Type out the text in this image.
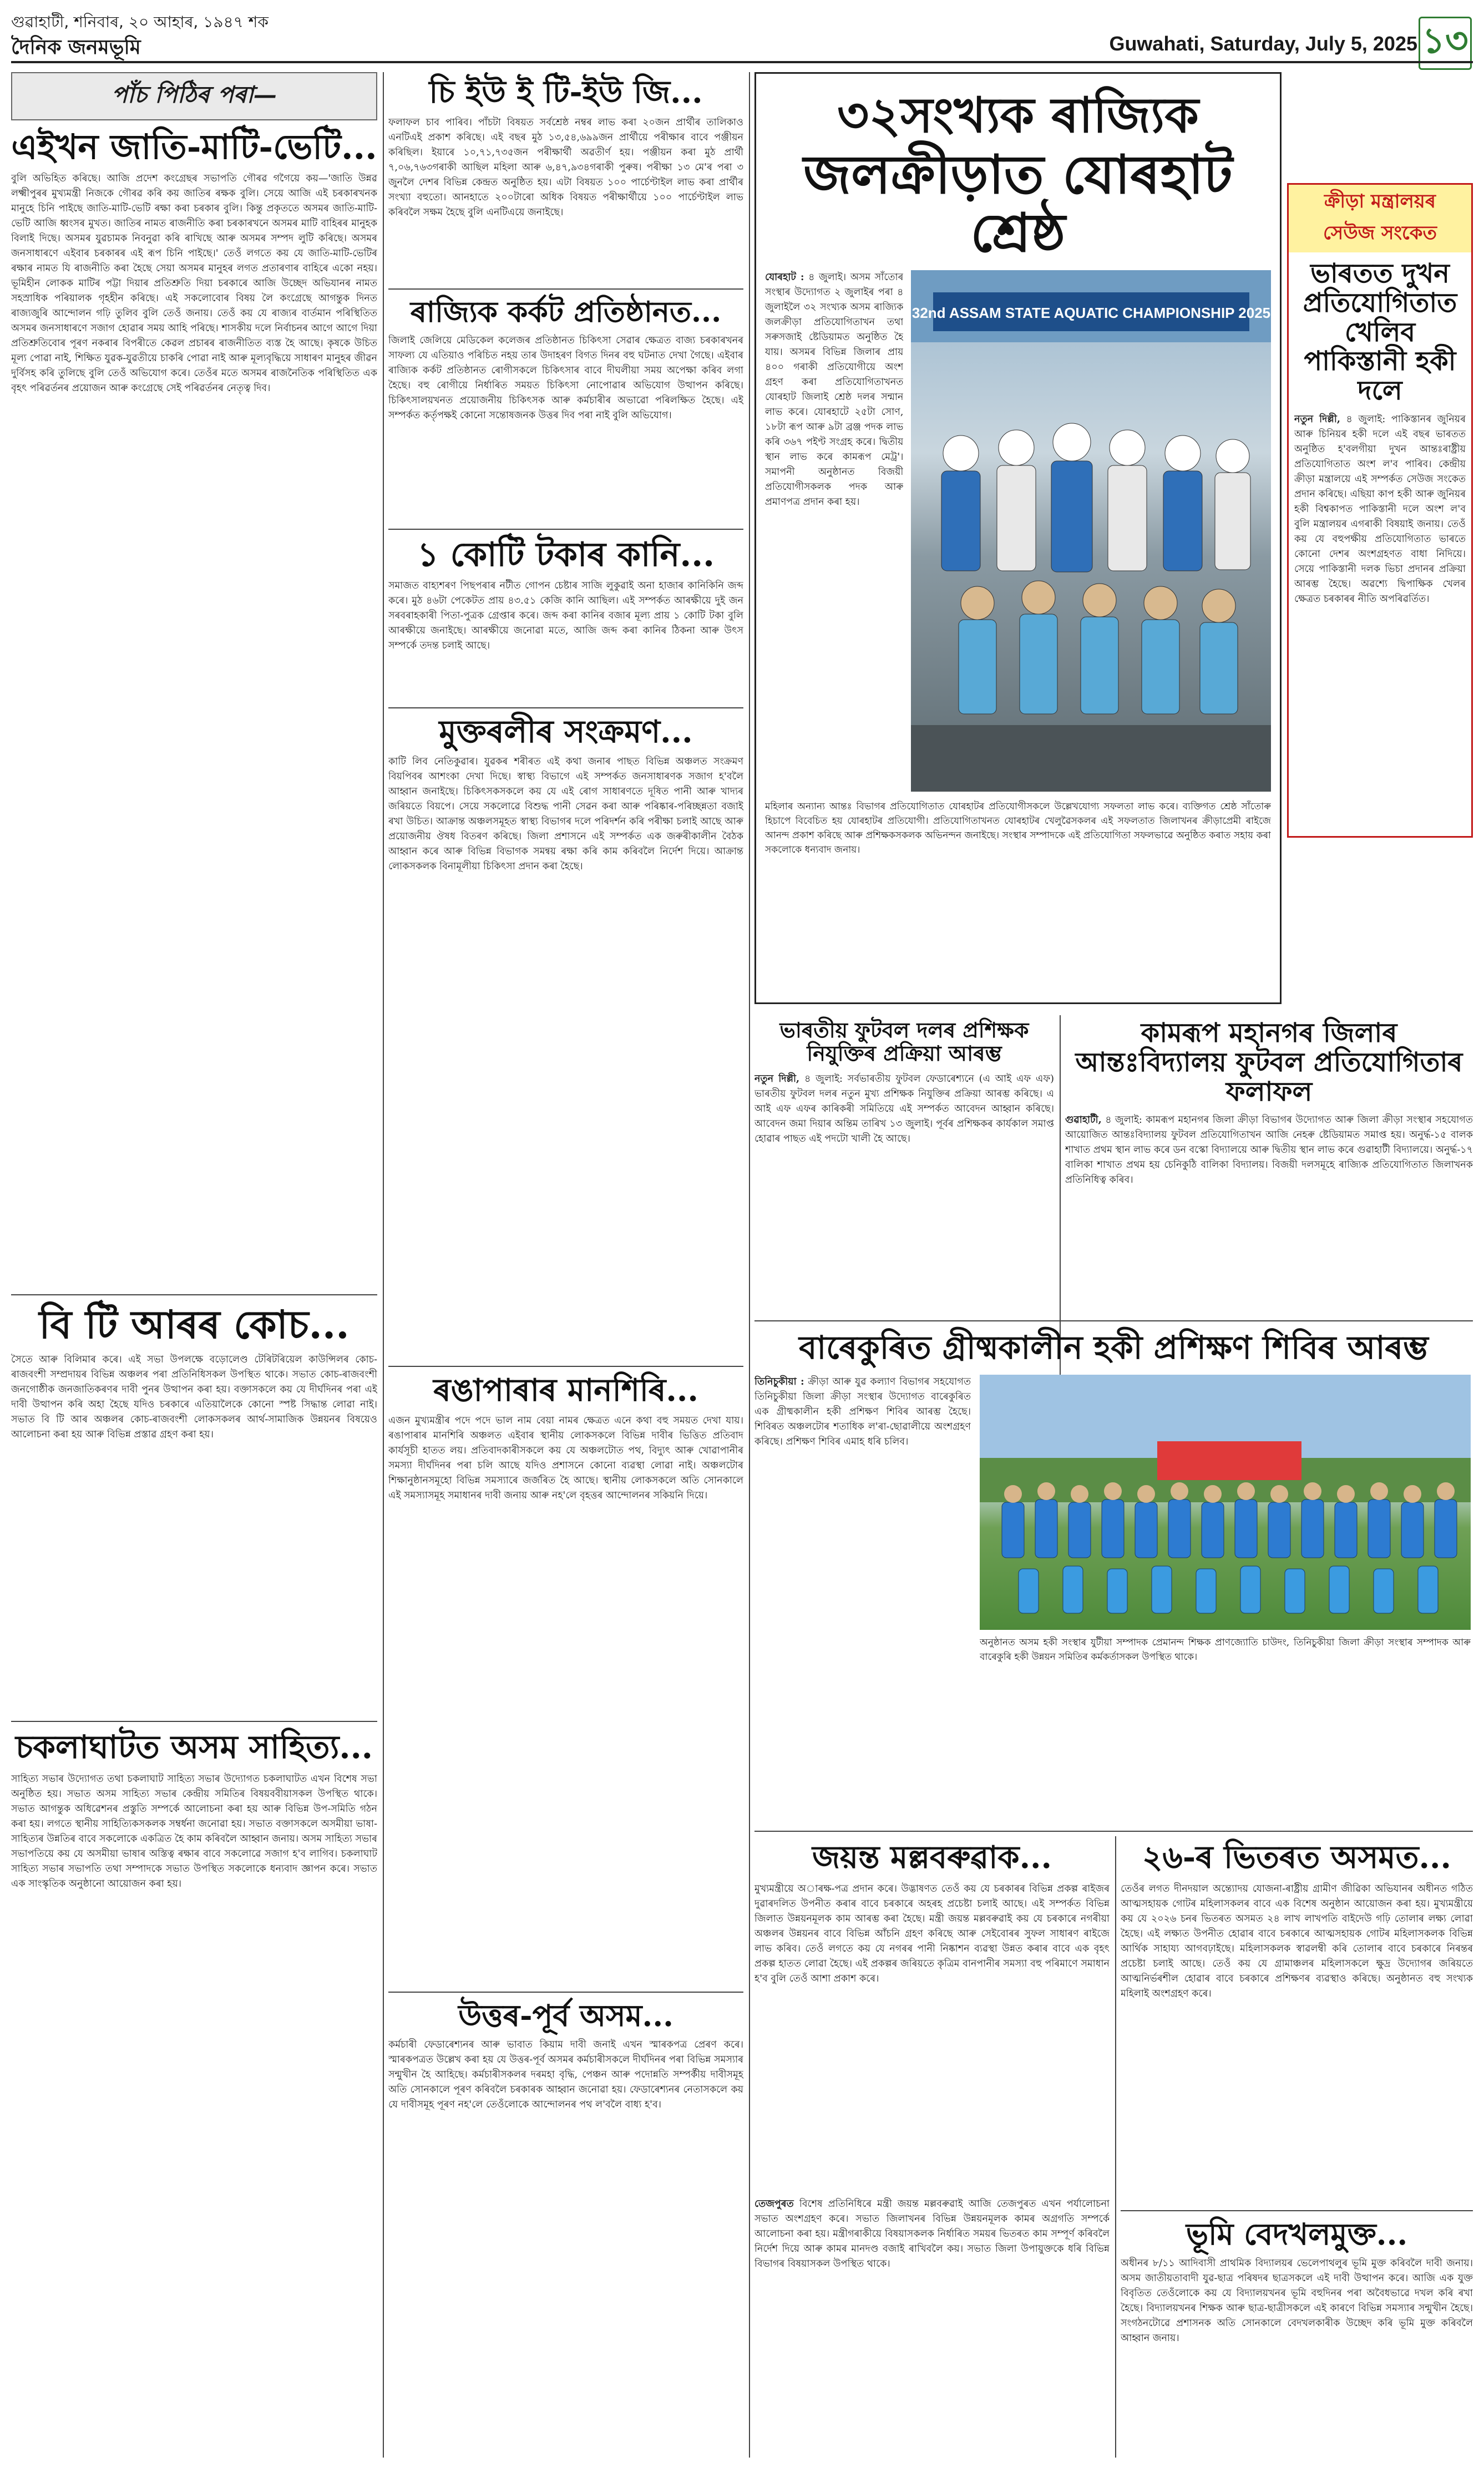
গুৱাহাটী, শনিবাৰ, ২০ আহাৰ, ১৯৪৭ শক
দৈনিক জনমভূমি	Guwahati, Saturday, July 5, 2025 ১৩
পাঁচ পিঠিৰ পৰা—
এইখন জাতি-মাটি-ভেটি...

বুলি অভিহিত কৰিছে। আজি প্ৰদেশ কংগ্ৰেছৰ সভাপতি গৌৰৱ গগৈয়ে কয়—'জাতি উন্নৱ লক্ষ্মীপুৰৰ মুখ্যমন্ত্ৰী নিজকে গৌৰৱ কৰি কয় জাতিৰ ৰক্ষক বুলি। সেয়ে আজি এই চৰকাৰখনক মানুহে চিনি পাইছে জাতি-মাটি-ভেটি ৰক্ষা কৰা চৰকাৰ বুলি। কিন্তু প্ৰকৃততে অসমৰ জাতি-মাটি-ভেটি আজি ধ্বংসৰ মুখত। জাতিৰ নামত ৰাজনীতি কৰা চৰকাৰখনে অসমৰ মাটি বাহিৰৰ মানুহক বিলাই দিছে। অসমৰ যুৱচামক নিবনুৱা কৰি ৰাখিছে আৰু অসমৰ সম্পদ লুটি কৰিছে। অসমৰ জনসাধাৰণে এইবাৰ চৰকাৰৰ এই ৰূপ চিনি পাইছে।' তেওঁ লগতে কয় যে জাতি-মাটি-ভেটিৰ ৰক্ষাৰ নামত যি ৰাজনীতি কৰা হৈছে সেয়া অসমৰ মানুহৰ লগত প্ৰতাৰণাৰ বাহিৰে একো নহয়। ভূমিহীন লোকক মাটিৰ পট্টা দিয়াৰ প্ৰতিশ্ৰুতি দিয়া চৰকাৰে আজি উচ্ছেদ অভিযানৰ নামত সহস্ৰাধিক পৰিয়ালক গৃহহীন কৰিছে। এই সকলোবোৰ বিষয় লৈ কংগ্ৰেছে আগন্তুক দিনত ৰাজ্যজুৰি আন্দোলন গঢ়ি তুলিব বুলি তেওঁ জনায়। তেওঁ কয় যে ৰাজ্যৰ বাৰ্তমান পৰিস্থিতিত অসমৰ জনসাধাৰণে সজাগ হোৱাৰ সময় আহি পৰিছে। শাসকীয় দলে নিৰ্বাচনৰ আগে আগে দিয়া প্ৰতিশ্ৰুতিবোৰ পূৰণ নকৰাৰ বিপৰীতে কেৱল প্ৰচাৰৰ ৰাজনীতিত ব্যস্ত হৈ আছে। কৃষকে উচিত মূল্য পোৱা নাই, শিক্ষিত যুৱক-যুৱতীয়ে চাকৰি পোৱা নাই আৰু মূল্যবৃদ্ধিয়ে সাধাৰণ মানুহৰ জীৱন দুৰ্বিসহ কৰি তুলিছে বুলি তেওঁ অভিযোগ কৰে। তেওঁৰ মতে অসমৰ ৰাজনৈতিক পৰিস্থিতিত এক বৃহৎ পৰিৱৰ্তনৰ প্ৰয়োজন আৰু কংগ্ৰেছে সেই পৰিৱৰ্তনৰ নেতৃত্ব দিব।

বি টি আৰৰ কোচ...

সৈতে আৰু বিলিমাৰ কৰে। এই সভা উপলক্ষে বড়োলেণ্ড টেৰিটৰিয়েল কাউন্সিলৰ কোচ-ৰাজবংশী সম্প্ৰদায়ৰ বিভিন্ন অঞ্চলৰ পৰা প্ৰতিনিধিসকল উপস্থিত থাকে। সভাত কোচ-ৰাজবংশী জনগোষ্ঠীক জনজাতিকৰণৰ দাবী পুনৰ উত্থাপন কৰা হয়। বক্তাসকলে কয় যে দীৰ্ঘদিনৰ পৰা এই দাবী উত্থাপন কৰি অহা হৈছে যদিও চৰকাৰে এতিয়ালৈকে কোনো স্পষ্ট সিদ্ধান্ত লোৱা নাই। সভাত বি টি আৰ অঞ্চলৰ কোচ-ৰাজবংশী লোকসকলৰ আৰ্থ-সামাজিক উন্নয়নৰ বিষয়েও আলোচনা কৰা হয় আৰু বিভিন্ন প্ৰস্তাৱ গ্ৰহণ কৰা হয়।

চকলাঘাটত অসম সাহিত্য...

সাহিত্য সভাৰ উদ্যোগত তথা চকলাঘাট সাহিত্য সভাৰ উদ্যোগত চকলাঘাটত এখন বিশেষ সভা অনুষ্ঠিত হয়। সভাত অসম সাহিত্য সভাৰ কেন্দ্ৰীয় সমিতিৰ বিষয়ববীয়াসকল উপস্থিত থাকে। সভাত আগন্তুক অধিৱেশনৰ প্ৰস্তুতি সম্পৰ্কে আলোচনা কৰা হয় আৰু বিভিন্ন উপ-সমিতি গঠন কৰা হয়। লগতে স্থানীয় সাহিত্যিকসকলক সম্বৰ্ধনা জনোৱা হয়। সভাত বক্তাসকলে অসমীয়া ভাষা-সাহিত্যৰ উন্নতিৰ বাবে সকলোকে একত্ৰিত হৈ কাম কৰিবলৈ আহ্বান জনায়। অসম সাহিত্য সভাৰ সভাপতিয়ে কয় যে অসমীয়া ভাষাৰ অস্তিত্ব ৰক্ষাৰ বাবে সকলোৱে সজাগ হ'ব লাগিব। চকলাঘাট সাহিত্য সভাৰ সভাপতি তথা সম্পাদকে সভাত উপস্থিত সকলোকে ধন্যবাদ জ্ঞাপন কৰে। সভাত এক সাংস্কৃতিক অনুষ্ঠানো আয়োজন কৰা হয়।

চি ইউ ই টি-ইউ জি...

ফলাফল চাব পাৰিব। পাঁচটা বিষয়ত সৰ্বশ্ৰেষ্ঠ নম্বৰ লাভ কৰা ২০জন প্ৰাৰ্থীৰ তালিকাও এনটিএই প্ৰকাশ কৰিছে। এই বছৰ মুঠ ১৩,৫৪,৬৯৯জন প্ৰাৰ্থীয়ে পৰীক্ষাৰ বাবে পঞ্জীয়ন কৰিছিল। ইয়াৰে ১০,৭১,৭৩৫জন পৰীক্ষাৰ্থী অৱতীৰ্ণ হয়। পঞ্জীয়ন কৰা মুঠ প্ৰাৰ্থী ৭,০৬,৭৬৩গৰাকী আছিল মহিলা আৰু ৬,৪৭,৯৩৪গৰাকী পুৰুষ। পৰীক্ষা ১৩ মে'ৰ পৰা ৩ জুনলৈ দেশৰ বিভিন্ন কেন্দ্ৰত অনুষ্ঠিত হয়। এটা বিষয়ত ১০০ পাৰ্চেণ্টাইল লাভ কৰা প্ৰাৰ্থীৰ সংখ্যা বহুতো। আনহাতে ২০০টাৰো অধিক বিষয়ত পৰীক্ষাৰ্থীয়ে ১০০ পাৰ্চেণ্টাইল লাভ কৰিবলৈ সক্ষম হৈছে বুলি এনটিএয়ে জনাইছে।

ৰাজ্যিক কৰ্কট প্ৰতিষ্ঠানত...

জিলাই জেলিয়ে মেডিকেল কলেজৰ প্ৰতিষ্ঠানত চিকিৎসা সেৱাৰ ক্ষেত্ৰত বাজ্য চৰকাৰখনৰ সাফল্য যে এতিয়াও পৰিচিত নহয় তাৰ উদাহৰণ বিগত দিনৰ বহু ঘটনাত দেখা গৈছে। এইবাৰ ৰাজ্যিক কৰ্কট প্ৰতিষ্ঠানত ৰোগীসকলে চিকিৎসাৰ বাবে দীঘলীয়া সময় অপেক্ষা কৰিব লগা হৈছে। বহু ৰোগীয়ে নিৰ্ধাৰিত সময়ত চিকিৎসা নোপোৱাৰ অভিযোগ উত্থাপন কৰিছে। চিকিৎসালয়খনত প্ৰয়োজনীয় চিকিৎসক আৰু কৰ্মচাৰীৰ অভাৱো পৰিলক্ষিত হৈছে। এই সম্পৰ্কত কৰ্তৃপক্ষই কোনো সন্তোষজনক উত্তৰ দিব পৰা নাই বুলি অভিযোগ।

১ কোটি টকাৰ কানি...

সমাজত বাহ্যশৰণ পিছপৰাৰ নটীত গোপন চেষ্টাৰ সাজি লুকুৱাই অনা হাজাৰ কানিকিনি জব্দ কৰে। মুঠ ৪৬টা পেকেটত প্ৰায় ৪৩.৫১ কেজি কানি আছিল। এই সম্পৰ্কত আৰক্ষীয়ে দুই জন সৰবৰাহকাৰী পিতা-পুত্ৰক গ্ৰেপ্তাৰ কৰে। জব্দ কৰা কানিৰ বজাৰ মূল্য প্ৰায় ১ কোটি টকা বুলি আৰক্ষীয়ে জনাইছে। আৰক্ষীয়ে জনোৱা মতে, আজি জব্দ কৰা কানিৰ ঠিকনা আৰু উৎস সম্পৰ্কে তদন্ত চলাই আছে।

মুক্তৰলীৰ সংক্ৰমণ...

কাটি লিব নেতিকুৱাৰ। যুৱকৰ শৰীৰত এই কথা জনাৰ পাছত বিভিন্ন অঞ্চলত সংক্ৰমণ বিয়পিবৰ আশংকা দেখা দিছে। স্বাস্থ্য বিভাগে এই সম্পৰ্কত জনসাধাৰণক সজাগ হ'বলৈ আহ্বান জনাইছে। চিকিৎসকসকলে কয় যে এই ৰোগ সাধাৰণতে দূষিত পানী আৰু খাদ্যৰ জৰিয়তে বিয়পে। সেয়ে সকলোৱে বিশুদ্ধ পানী সেৱন কৰা আৰু পৰিষ্কাৰ-পৰিচ্ছন্নতা বজাই ৰখা উচিত। আক্ৰান্ত অঞ্চলসমূহত স্বাস্থ্য বিভাগৰ দলে পৰিদৰ্শন কৰি পৰীক্ষা চলাই আছে আৰু প্ৰয়োজনীয় ঔষধ বিতৰণ কৰিছে। জিলা প্ৰশাসনে এই সম্পৰ্কত এক জৰুৰীকালীন বৈঠক আহ্বান কৰে আৰু বিভিন্ন বিভাগক সমন্বয় ৰক্ষা কৰি কাম কৰিবলৈ নিৰ্দেশ দিয়ে। আক্ৰান্ত লোকসকলক বিনামূলীয়া চিকিৎসা প্ৰদান কৰা হৈছে।

ৰঙাপাৰাৰ মানশিৰি...

এজন মুখ্যমন্ত্ৰীৰ পদে পদে ভাল নাম বেয়া নামৰ ক্ষেত্ৰত এনে কথা বহু সময়ত দেখা যায়। ৰঙাপাৰাৰ মানশিৰি অঞ্চলত এইবাৰ স্থানীয় লোকসকলে বিভিন্ন দাবীৰ ভিত্তিত প্ৰতিবাদ কাৰ্যসূচী হাতত লয়। প্ৰতিবাদকাৰীসকলে কয় যে অঞ্চলটোত পথ, বিদ্যুৎ আৰু খোৱাপানীৰ সমস্যা দীৰ্ঘদিনৰ পৰা চলি আছে যদিও প্ৰশাসনে কোনো ব্যৱস্থা লোৱা নাই। অঞ্চলটোৰ শিক্ষানুষ্ঠানসমূহো বিভিন্ন সমস্যাৰে জৰ্জৰিত হৈ আছে। স্থানীয় লোকসকলে অতি সোনকালে এই সমস্যাসমূহ সমাধানৰ দাবী জনায় আৰু নহ'লে বৃহত্তৰ আন্দোলনৰ সকিয়নি দিয়ে।

উত্তৰ-পূৰ্ব অসম...

কৰ্মচাৰী ফেডাৰেশ্যনৰ আৰু ভাবাত কিয়াম দাবী জনাই এখন স্মাৰকপত্ৰ প্ৰেৰণ কৰে। স্মাৰকপত্ৰত উল্লেখ কৰা হয় যে উত্তৰ-পূৰ্ব অসমৰ কৰ্মচাৰীসকলে দীৰ্ঘদিনৰ পৰা বিভিন্ন সমস্যাৰ সন্মুখীন হৈ আহিছে। কৰ্মচাৰীসকলৰ দৰমহা বৃদ্ধি, পেঞ্চন আৰু পদোন্নতি সম্পৰ্কীয় দাবীসমূহ অতি সোনকালে পূৰণ কৰিবলৈ চৰকাৰক আহ্বান জনোৱা হয়। ফেডাৰেশ্যনৰ নেতাসকলে কয় যে দাবীসমূহ পূৰণ নহ'লে তেওঁলোকে আন্দোলনৰ পথ ল'বলৈ বাধ্য হ'ব।

৩২সংখ্যক ৰাজ্যিক
জলক্ৰীড়াত যোৰহাট শ্ৰেষ্ঠ

যোৰহাট : ৪ জুলাই। অসম সাঁতোৰ সংস্থাৰ উদ্যোগত ২ জুলাইৰ পৰা ৪ জুলাইলৈ ৩২ সংখ্যক অসম ৰাজ্যিক জলক্ৰীড়া প্ৰতিযোগিতাখন তথা সৰুসজাই ষ্টেডিয়ামত অনুষ্ঠিত হৈ যায়। অসমৰ বিভিন্ন জিলাৰ প্ৰায় ৪০০ গৰাকী প্ৰতিযোগীয়ে অংশ গ্ৰহণ কৰা প্ৰতিযোগিতাখনত যোৰহাট জিলাই শ্ৰেষ্ঠ দলৰ সন্মান লাভ কৰে। যোৰহাটে ২৫টা সোণ, ১৮টা ৰূপ আৰু ৯টা ব্ৰঞ্জ পদক লাভ কৰি ৩৬৭ পইণ্ট সংগ্ৰহ কৰে। দ্বিতীয় স্থান লাভ কৰে কামৰূপ মেট্ৰ'। সমাপনী অনুষ্ঠানত বিজয়ী প্ৰতিযোগীসকলক পদক আৰু প্ৰমাণপত্ৰ প্ৰদান কৰা হয়।

32nd ASSAM STATE AQUATIC CHAMPIONSHIP 2025

মহিলাৰ অন্যান্য আন্তঃ বিভাগৰ প্ৰতিযোগিতাত যোৰহাটৰ প্ৰতিযোগীসকলে উল্লেখযোগ্য সফলতা লাভ কৰে। ব্যক্তিগত শ্ৰেষ্ঠ সাঁতোৰু হিচাপে বিবেচিত হয় যোৰহাটৰ প্ৰতিযোগী। প্ৰতিযোগিতাখনত যোৰহাটৰ খেলুৱৈসকলৰ এই সফলতাত জিলাখনৰ ক্ৰীড়াপ্ৰেমী ৰাইজে আনন্দ প্ৰকাশ কৰিছে আৰু প্ৰশিক্ষকসকলক অভিনন্দন জনাইছে। সংস্থাৰ সম্পাদকে এই প্ৰতিযোগিতা সফলভাৱে অনুষ্ঠিত কৰাত সহায় কৰা সকলোকে ধন্যবাদ জনায়।

ক্ৰীড়া মন্ত্ৰালয়ৰ
সেউজ সংকেত
ভাৰতত দুখন প্ৰতিযোগিতাত খেলিব পাকিস্তানী হকী দলে

নতুন দিল্লী, ৪ জুলাই: পাকিস্তানৰ জুনিয়ৰ আৰু চিনিয়ৰ হকী দলে এই বছৰ ভাৰতত অনুষ্ঠিত হ'বলগীয়া দুখন আন্তঃৰাষ্ট্ৰীয় প্ৰতিযোগিতাত অংশ ল'ব পাৰিব। কেন্দ্ৰীয় ক্ৰীড়া মন্ত্ৰালয়ে এই সম্পৰ্কত সেউজ সংকেত প্ৰদান কৰিছে। এছিয়া কাপ হকী আৰু জুনিয়ৰ হকী বিশ্বকাপত পাকিস্তানী দলে অংশ ল'ব বুলি মন্ত্ৰালয়ৰ এগৰাকী বিষয়াই জনায়। তেওঁ কয় যে বহুপক্ষীয় প্ৰতিযোগিতাত ভাৰতে কোনো দেশৰ অংশগ্ৰহণত বাধা নিদিয়ে। সেয়ে পাকিস্তানী দলক ভিচা প্ৰদানৰ প্ৰক্ৰিয়া আৰম্ভ হৈছে। অৱশ্যে দ্বিপাক্ষিক খেলৰ ক্ষেত্ৰত চৰকাৰৰ নীতি অপৰিৱৰ্তিত।

ভাৰতীয় ফুটবল দলৰ প্ৰশিক্ষক নিযুক্তিৰ প্ৰক্ৰিয়া আৰম্ভ

নতুন দিল্লী, ৪ জুলাই: সৰ্বভাৰতীয় ফুটবল ফেডাৰেশ্যনে (এ আই এফ এফ) ভাৰতীয় ফুটবল দলৰ নতুন মুখ্য প্ৰশিক্ষক নিযুক্তিৰ প্ৰক্ৰিয়া আৰম্ভ কৰিছে। এ আই এফ এফৰ কাৰিকৰী সমিতিয়ে এই সম্পৰ্কত আবেদন আহ্বান কৰিছে। আবেদন জমা দিয়াৰ অন্তিম তাৰিখ ১৩ জুলাই। পূৰ্বৰ প্ৰশিক্ষকৰ কাৰ্যকাল সমাপ্ত হোৱাৰ পাছত এই পদটো খালী হৈ আছে।

কামৰূপ মহানগৰ জিলাৰ আন্তঃবিদ্যালয় ফুটবল প্ৰতিযোগিতাৰ ফলাফল

গুৱাহাটী, ৪ জুলাই: কামৰূপ মহানগৰ জিলা ক্ৰীড়া বিভাগৰ উদ্যোগত আৰু জিলা ক্ৰীড়া সংস্থাৰ সহযোগত আয়োজিত আন্তঃবিদ্যালয় ফুটবল প্ৰতিযোগিতাখন আজি নেহৰু ষ্টেডিয়ামত সমাপ্ত হয়। অনুৰ্দ্ধ-১৫ বালক শাখাত প্ৰথম স্থান লাভ কৰে ডন বস্কো বিদ্যালয়ে আৰু দ্বিতীয় স্থান লাভ কৰে গুৱাহাটী বিদ্যালয়ে। অনুৰ্দ্ধ-১৭ বালিকা শাখাত প্ৰথম হয় চেনিকুঠি বালিকা বিদ্যালয়। বিজয়ী দলসমূহে ৰাজ্যিক প্ৰতিযোগিতাত জিলাখনক প্ৰতিনিধিত্ব কৰিব।

বাৰেকুৰিত গ্ৰীষ্মকালীন হকী প্ৰশিক্ষণ শিবিৰ আৰম্ভ

তিনিচুকীয়া : ক্ৰীড়া আৰু যুৱ কল্যাণ বিভাগৰ সহযোগত তিনিচুকীয়া জিলা ক্ৰীড়া সংস্থাৰ উদ্যোগত বাৰেকুৰিত এক গ্ৰীষ্মকালীন হকী প্ৰশিক্ষণ শিবিৰ আৰম্ভ হৈছে। শিবিৰত অঞ্চলটোৰ শতাধিক ল'ৰা-ছোৱালীয়ে অংশগ্ৰহণ কৰিছে। প্ৰশিক্ষণ শিবিৰ এমাহ ধৰি চলিব।

অনুষ্ঠানত অসম হকী সংস্থাৰ যুটীয়া সম্পাদক প্ৰেমানন্দ শিক্ষক প্ৰাণজ্যোতি চাউদং, তিনিচুকীয়া জিলা ক্ৰীড়া সংস্থাৰ সম্পাদক আৰু বাৰেকুৰি হকী উন্নয়ন সমিতিৰ কৰ্মকৰ্তাসকল উপস্থিত থাকে।

জয়ন্ত মল্লবৰুৱাক...

মুখ্যমন্ত্ৰীয়ে অাৰক্ষ-পত্ৰ প্ৰদান কৰে। উদ্ভাষণত তেওঁ কয় যে চৰকাৰৰ বিভিন্ন প্ৰকল্প ৰাইজৰ দুৱাৰদলিত উপনীত কৰাৰ বাবে চৰকাৰে অহৰহ প্ৰচেষ্টা চলাই আছে। এই সম্পৰ্কত বিভিন্ন জিলাত উন্নয়নমূলক কাম আৰম্ভ কৰা হৈছে। মন্ত্ৰী জয়ন্ত মল্লবৰুৱাই কয় যে চৰকাৰে নগৰীয়া অঞ্চলৰ উন্নয়নৰ বাবে বিভিন্ন আঁচনি গ্ৰহণ কৰিছে আৰু সেইবোৰৰ সুফল সাধাৰণ ৰাইজে লাভ কৰিব। তেওঁ লগতে কয় যে নগৰৰ পানী নিষ্কাশন ব্যৱস্থা উন্নত কৰাৰ বাবে এক বৃহৎ প্ৰকল্প হাতত লোৱা হৈছে। এই প্ৰকল্পৰ জৰিয়তে কৃত্ৰিম বানপানীৰ সমস্যা বহু পৰিমাণে সমাধান হ'ব বুলি তেওঁ আশা প্ৰকাশ কৰে।

তেজপুৰত বিশেষ প্ৰতিনিধিৰে মন্ত্ৰী জয়ন্ত মল্লবৰুৱাই আজি তেজপুৰত এখন পৰ্যালোচনা সভাত অংশগ্ৰহণ কৰে। সভাত জিলাখনৰ বিভিন্ন উন্নয়নমূলক কামৰ অগ্ৰগতি সম্পৰ্কে আলোচনা কৰা হয়। মন্ত্ৰীগৰাকীয়ে বিষয়াসকলক নিৰ্ধাৰিত সময়ৰ ভিতৰত কাম সম্পূৰ্ণ কৰিবলৈ নিৰ্দেশ দিয়ে আৰু কামৰ মানদণ্ড বজাই ৰাখিবলৈ কয়। সভাত জিলা উপায়ুক্তকে ধৰি বিভিন্ন বিভাগৰ বিষয়াসকল উপস্থিত থাকে।

২৬-ৰ ভিতৰত অসমত...

তেওঁৰ লগত দীনদয়াল অন্ত্যোদয় যোজনা-ৰাষ্ট্ৰীয় গ্ৰামীণ জীৱিকা অভিযানৰ অধীনত গঠিত আত্মসহায়ক গোটৰ মহিলাসকলৰ বাবে এক বিশেষ অনুষ্ঠান আয়োজন কৰা হয়। মুখ্যমন্ত্ৰীয়ে কয় যে ২০২৬ চনৰ ভিতৰত অসমত ২৪ লাখ লাখপতি বাইদেউ গঢ়ি তোলাৰ লক্ষ্য লোৱা হৈছে। এই লক্ষ্যত উপনীত হোৱাৰ বাবে চৰকাৰে আত্মসহায়ক গোটৰ মহিলাসকলক বিভিন্ন আৰ্থিক সাহায্য আগবঢ়াইছে। মহিলাসকলক স্বাৱলম্বী কৰি তোলাৰ বাবে চৰকাৰে নিৰন্তৰ প্ৰচেষ্টা চলাই আছে। তেওঁ কয় যে গ্ৰামাঞ্চলৰ মহিলাসকলে ক্ষুদ্ৰ উদ্যোগৰ জৰিয়তে আত্মনিৰ্ভৰশীল হোৱাৰ বাবে চৰকাৰে প্ৰশিক্ষণৰ ব্যৱস্থাও কৰিছে। অনুষ্ঠানত বহু সংখ্যক মহিলাই অংশগ্ৰহণ কৰে।

ভূমি বেদখলমুক্ত...

অধীনৰ ৮/১১ আদিবাসী প্ৰাথমিক বিদ্যালয়ৰ ভেলেপাথলুৰ ভূমি মুক্ত কৰিবলৈ দাবী জনায়। অসম জাতীয়তাবাদী যুৱ-ছাত্ৰ পৰিষদৰ ছাত্ৰসকলে এই দাবী উত্থাপন কৰে। আজি এক যুক্ত বিবৃতিত তেওঁলোকে কয় যে বিদ্যালয়খনৰ ভূমি বহুদিনৰ পৰা অবৈধভাৱে দখল কৰি ৰখা হৈছে। বিদ্যালয়খনৰ শিক্ষক আৰু ছাত্ৰ-ছাত্ৰীসকলে এই কাৰণে বিভিন্ন সমস্যাৰ সন্মুখীন হৈছে। সংগঠনটোৱে প্ৰশাসনক অতি সোনকালে বেদখলকাৰীক উচ্ছেদ কৰি ভূমি মুক্ত কৰিবলৈ আহ্বান জনায়।
